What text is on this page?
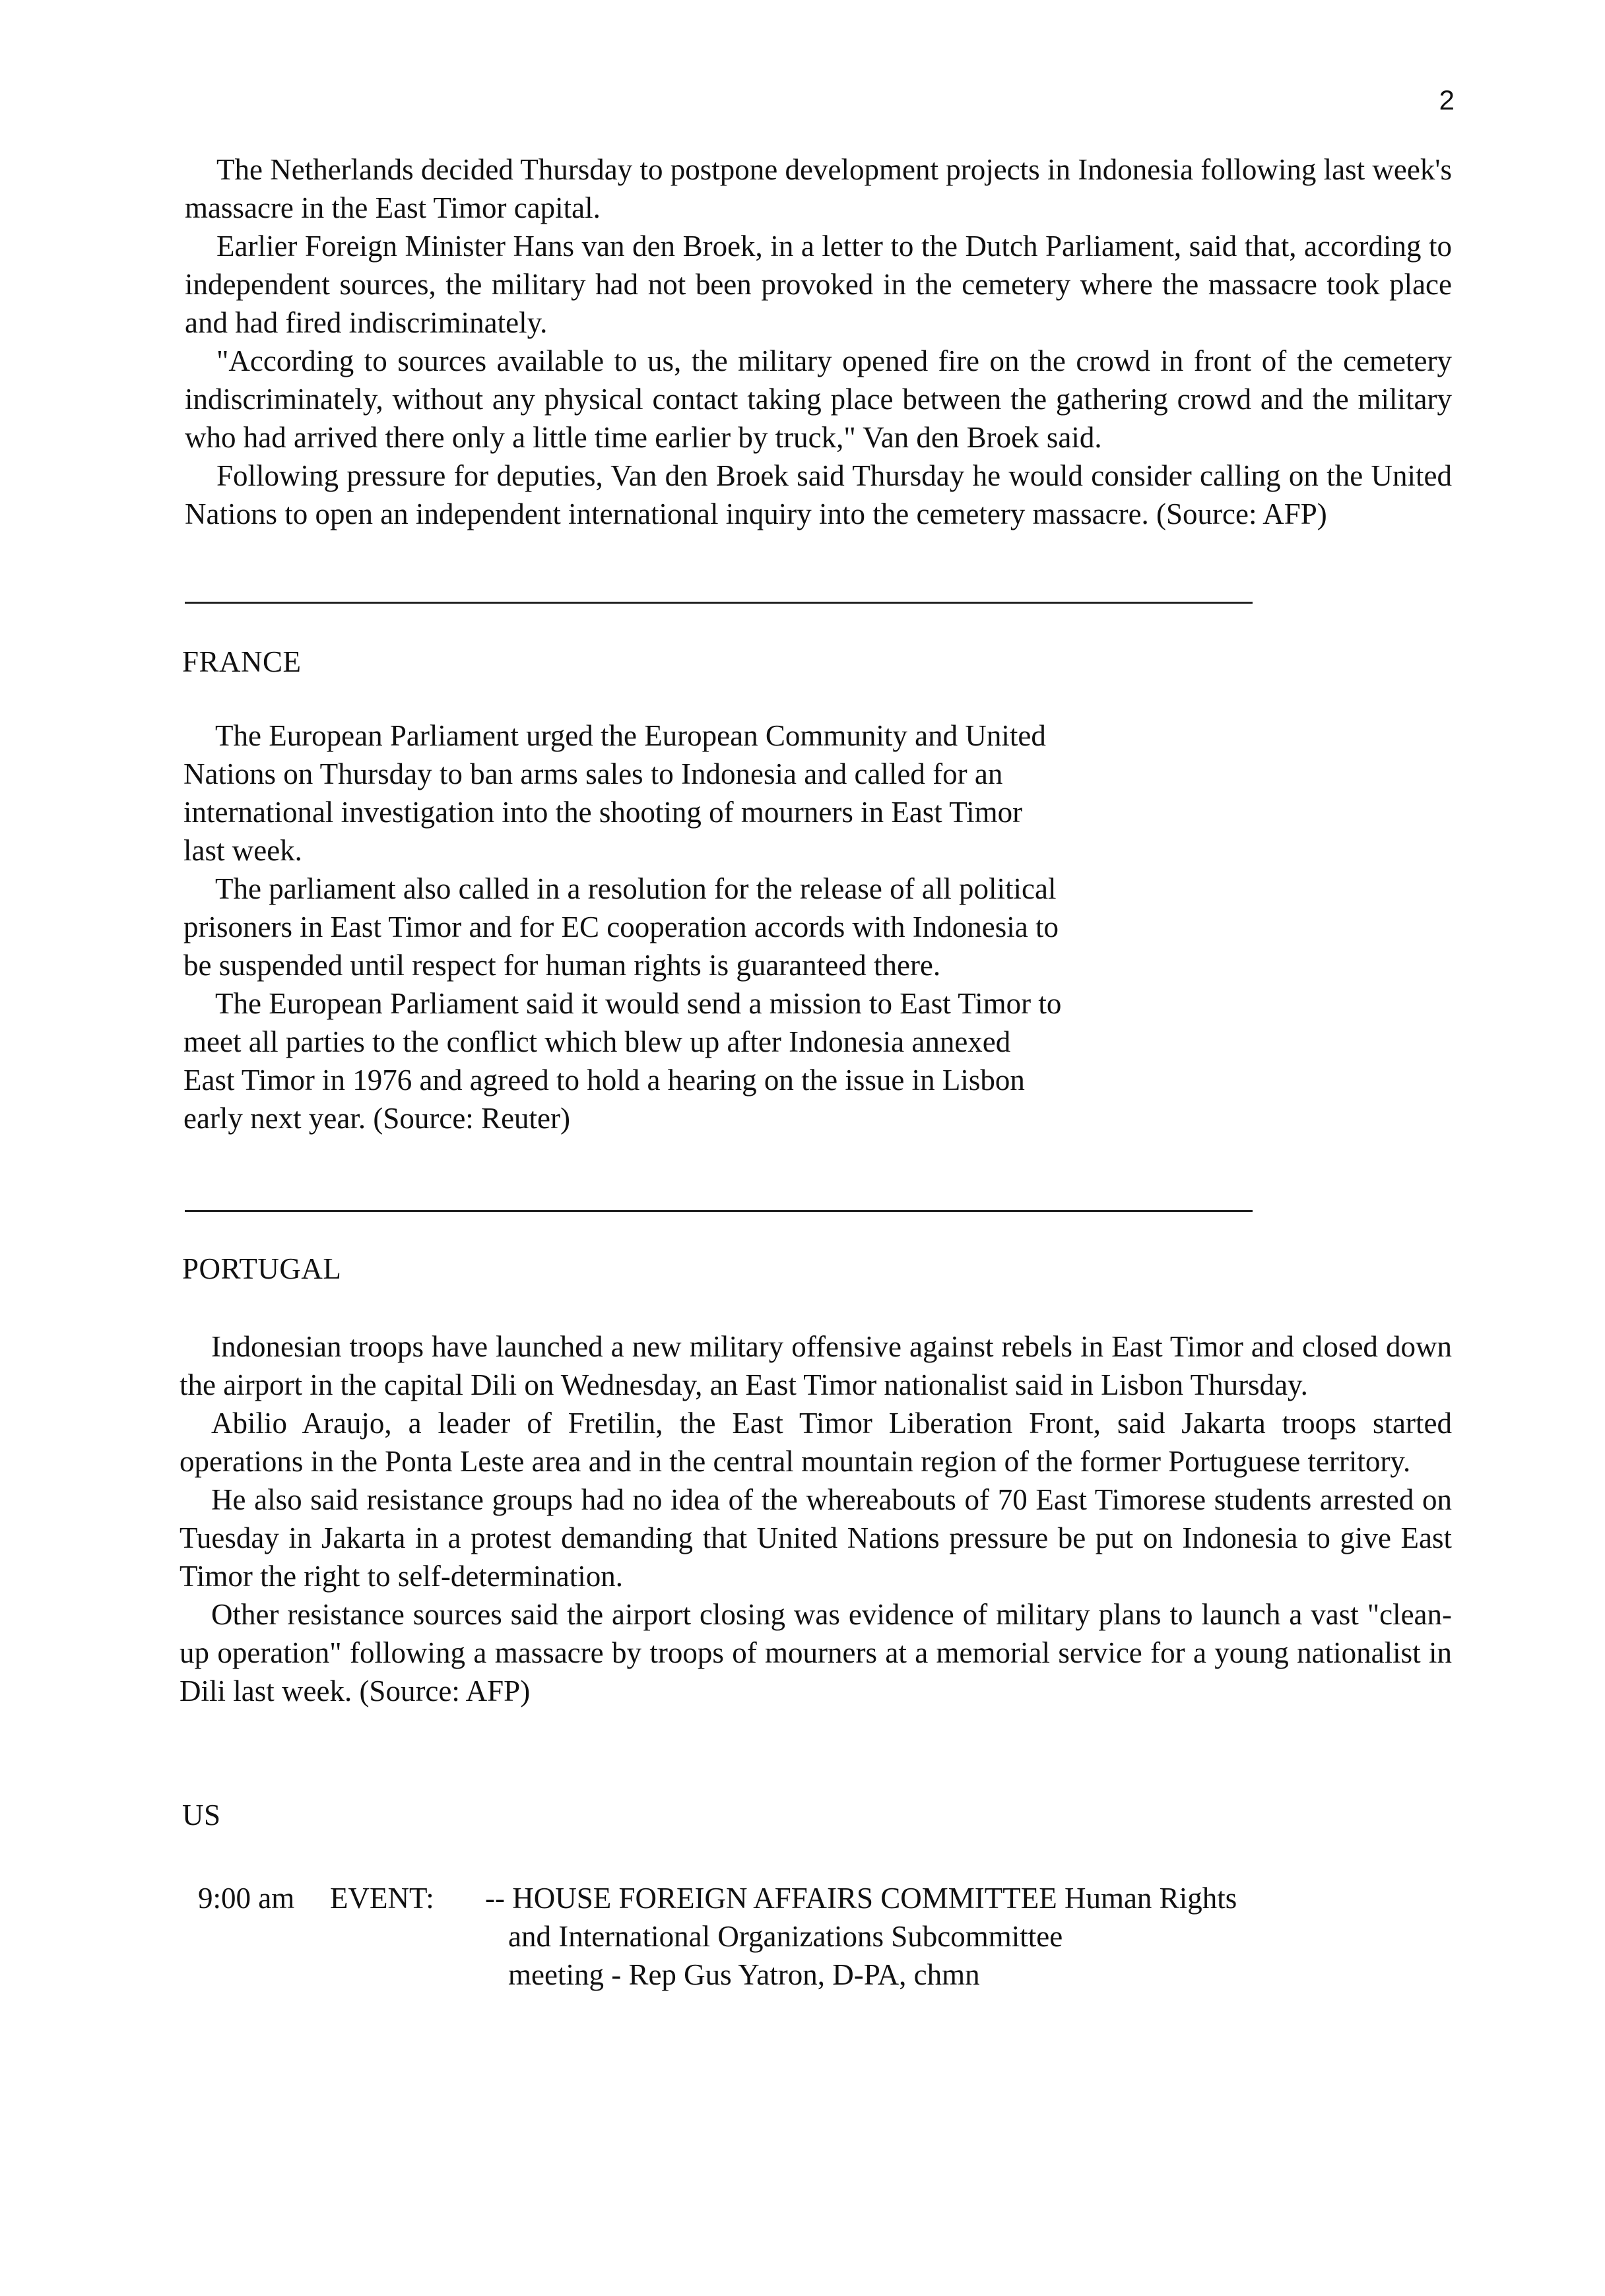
2

The Netherlands decided Thursday to postpone development projects in Indonesia following last week's massacre in the East Timor capital.

Earlier Foreign Minister Hans van den Broek, in a letter to the Dutch Parliament, said that, according to independent sources, the military had not been provoked in the cemetery where the massacre took place and had fired indiscriminately.

"According to sources available to us, the military opened fire on the crowd in front of the cemetery indiscriminately, without any physical contact taking place between the gathering crowd and the military who had arrived there only a little time earlier by truck," Van den Broek said.

Following pressure for deputies, Van den Broek said Thursday he would consider calling on the United Nations to open an independent international inquiry into the cemetery massacre. (Source: AFP)

FRANCE

The European Parliament urged the European Community and United Nations on Thursday to ban arms sales to Indonesia and called for an international investigation into the shooting of mourners in East Timor last week.

The parliament also called in a resolution for the release of all political prisoners in East Timor and for EC cooperation accords with Indonesia to be suspended until respect for human rights is guaranteed there.

The European Parliament said it would send a mission to East Timor to meet all parties to the conflict which blew up after Indonesia annexed East Timor in 1976 and agreed to hold a hearing on the issue in Lisbon early next year. (Source: Reuter)

PORTUGAL

Indonesian troops have launched a new military offensive against rebels in East Timor and closed down the airport in the capital Dili on Wednesday, an East Timor nationalist said in Lisbon Thursday.

Abilio Araujo, a leader of Fretilin, the East Timor Liberation Front, said Jakarta troops started operations in the Ponta Leste area and in the central mountain region of the former Portuguese territory.

He also said resistance groups had no idea of the whereabouts of 70 East Timorese students arrested on Tuesday in Jakarta in a protest demanding that United Nations pressure be put on Indonesia to give East Timor the right to self-determination.

Other resistance sources said the airport closing was evidence of military plans to launch a vast "clean-up operation" following a massacre by troops of mourners at a memorial service for a young nationalist in Dili last week. (Source: AFP)

US
9:00 am	EVENT:	-- HOUSE FOREIGN AFFAIRS COMMITTEE Human Rights
and International Organizations Subcommittee
meeting - Rep Gus Yatron, D-PA, chmn
